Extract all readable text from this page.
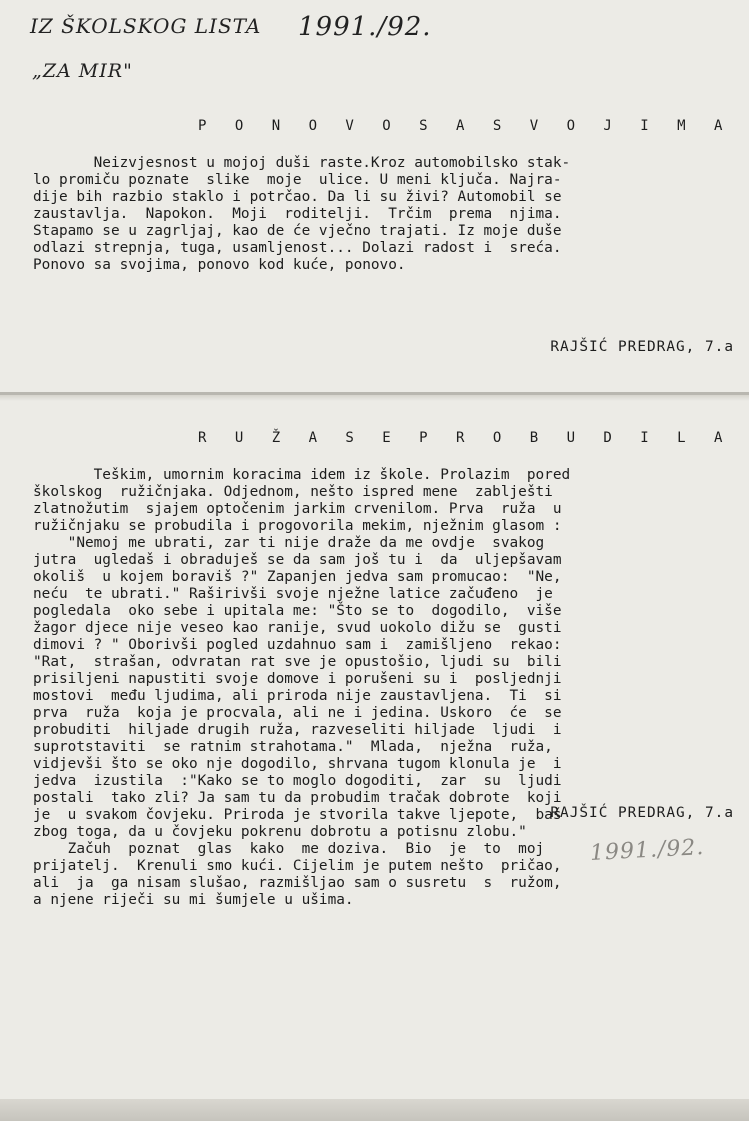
IZ ŠKOLSKOG LISTA 1991./92.
„ZA MIR"
P O N O V O S A S V O J I M A
Neizvjesnost u mojoj duši raste.Kroz automobilsko stak-
lo promiču poznate  slike  moje  ulice. U meni ključa. Najra-
dije bih razbio staklo i potrčao. Da li su živi? Automobil se
zaustavlja.  Napokon.  Moji  roditelji.  Trčim  prema  njima.
Stapamo se u zagrljaj, kao de će vječno trajati. Iz moje duše
odlazi strepnja, tuga, usamljenost... Dolazi radost i  sreća.
Ponovo sa svojima, ponovo kod kuće, ponovo.
RAJŠIĆ PREDRAG, 7.a
R U Ž A S E P R O B U D I L A
Teškim, umornim koracima idem iz škole. Prolazim  pored
školskog  ružičnjaka. Odjednom, nešto ispred mene  zablješti
zlatnožutim  sjajem optočenim jarkim crvenilom. Prva  ruža  u
ružičnjaku se probudila i progovorila mekim, nježnim glasom :
"Nemoj me ubrati, zar ti nije draže da me ovdje  svakog
jutra  ugledaš i obraduješ se da sam još tu i  da  uljepšavam
okoliš  u kojem boraviš ?" Zapanjen jedva sam promucao:  "Ne,
neću  te ubrati." Raširivši svoje nježne latice začuđeno  je
pogledala  oko sebe i upitala me: "Što se to  dogodilo,  više
žagor djece nije veseo kao ranije, svud uokolo dižu se  gusti
dimovi ? " Oborivši pogled uzdahnuo sam i  zamišljeno  rekao:
"Rat,  strašan, odvratan rat sve je opustošio, ljudi su  bili
prisiljeni napustiti svoje domove i porušeni su i  posljednji
mostovi  među ljudima, ali priroda nije zaustavljena.  Ti  si
prva  ruža  koja je procvala, ali ne i jedina. Uskoro  će  se
probuditi  hiljade drugih ruža, razveseliti hiljade  ljudi  i
suprotstaviti  se ratnim strahotama."  Mlada,  nježna  ruža,
vidjevši što se oko nje dogodilo, shrvana tugom klonula je  i
jedva  izustila  :"Kako se to moglo dogoditi,  zar  su  ljudi
postali  tako zli? Ja sam tu da probudim tračak dobrote  koji
je  u svakom čovjeku. Priroda je stvorila takve ljepote,  baš
zbog toga, da u čovjeku pokrenu dobrotu a potisnu zlobu."
Začuh  poznat  glas  kako  me doziva.  Bio  je  to  moj
prijatelj.  Krenuli smo kući. Cijelim je putem nešto  pričao,
ali  ja  ga nisam slušao, razmišljao sam o susretu  s  ružom,
a njene riječi su mi šumjele u ušima.
RAJŠIĆ PREDRAG, 7.a
1991./92.
